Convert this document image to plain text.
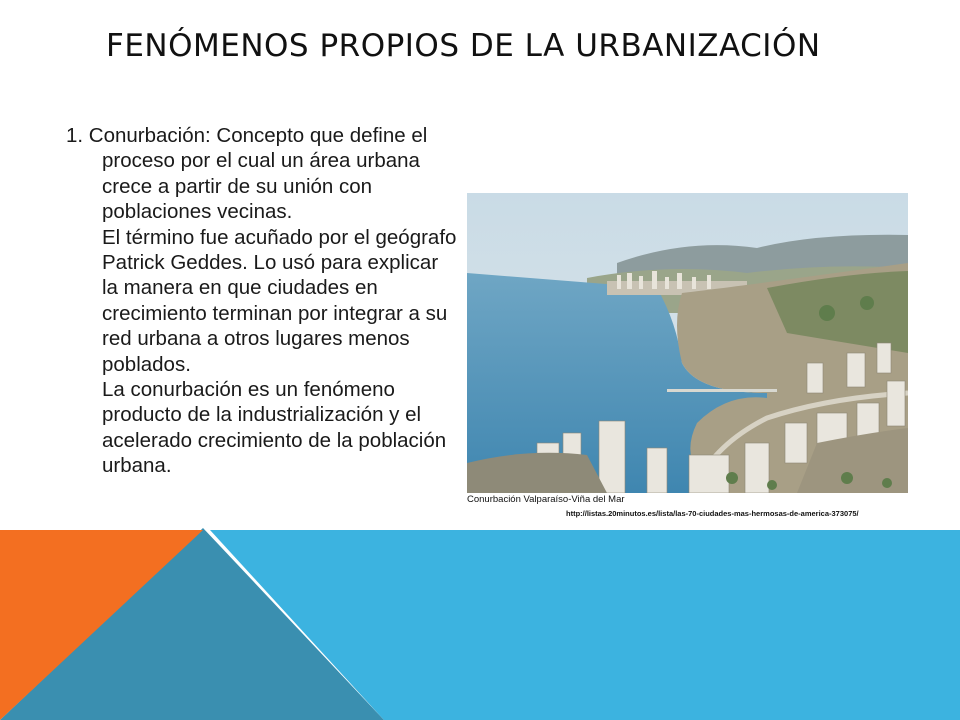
FENÓMENOS PROPIOS DE LA URBANIZACIÓN

1. Conurbación: Concepto que define el proceso por el cual un área urbana crece a partir de su unión con poblaciones vecinas.

El término fue acuñado por el geógrafo Patrick Geddes. Lo usó para explicar la manera en que ciudades en crecimiento terminan por integrar a su red urbana a otros lugares menos poblados.

La conurbación es un fenómeno producto de la industrialización y el acelerado crecimiento de la población urbana.

Conurbación Valparaíso-Viña del Mar
http://listas.20minutos.es/lista/las-70-ciudades-mas-hermosas-de-america-373075/
